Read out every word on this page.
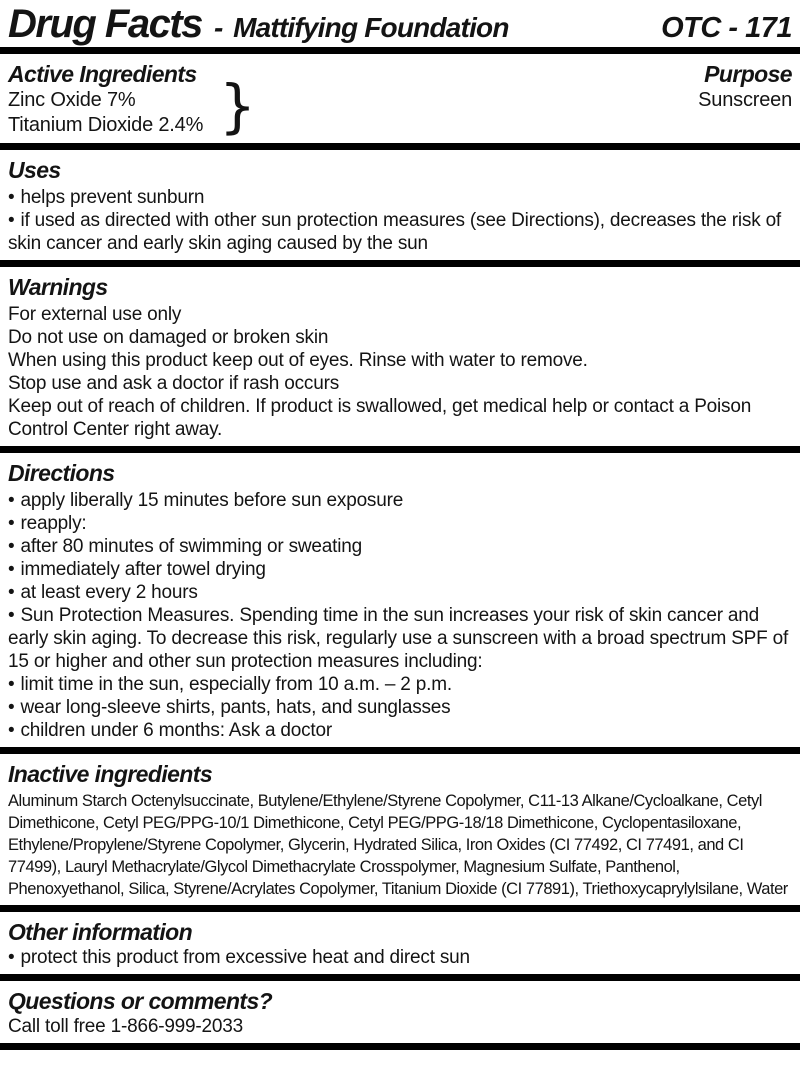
Drug Facts - Mattifying Foundation	OTC - 171
Active Ingredients
Zinc Oxide 7%
Titanium Dioxide 2.4% }	Purpose
Sunscreen
Uses
• helps prevent sunburn
• if used as directed with other sun protection measures (see Directions), decreases the risk of skin cancer and early skin aging caused by the sun
Warnings
For external use only
Do not use on damaged or broken skin
When using this product keep out of eyes. Rinse with water to remove.
Stop use and ask a doctor if rash occurs
Keep out of reach of children. If product is swallowed, get medical help or contact a Poison Control Center right away.
Directions
• apply liberally 15 minutes before sun exposure
• reapply:
• after 80 minutes of swimming or sweating
• immediately after towel drying
• at least every 2 hours
• Sun Protection Measures. Spending time in the sun increases your risk of skin cancer and early skin aging. To decrease this risk, regularly use a sunscreen with a broad spectrum SPF of 15 or higher and other sun protection measures including:
• limit time in the sun, especially from 10 a.m. – 2 p.m.
• wear long-sleeve shirts, pants, hats, and sunglasses
• children under 6 months: Ask a doctor
Inactive ingredients
Aluminum Starch Octenylsuccinate, Butylene/Ethylene/Styrene Copolymer, C11-13 Alkane/Cycloalkane, Cetyl Dimethicone, Cetyl PEG/PPG-10/1 Dimethicone, Cetyl PEG/PPG-18/18 Dimethicone, Cyclopentasiloxane, Ethylene/Propylene/Styrene Copolymer, Glycerin, Hydrated Silica, Iron Oxides (CI 77492, CI 77491, and CI 77499), Lauryl Methacrylate/Glycol Dimethacrylate Crosspolymer, Magnesium Sulfate, Panthenol, Phenoxyethanol, Silica, Styrene/Acrylates Copolymer, Titanium Dioxide (CI 77891), Triethoxycaprylylsilane, Water
Other information
• protect this product from excessive heat and direct sun
Questions or comments?
Call toll free 1-866-999-2033
